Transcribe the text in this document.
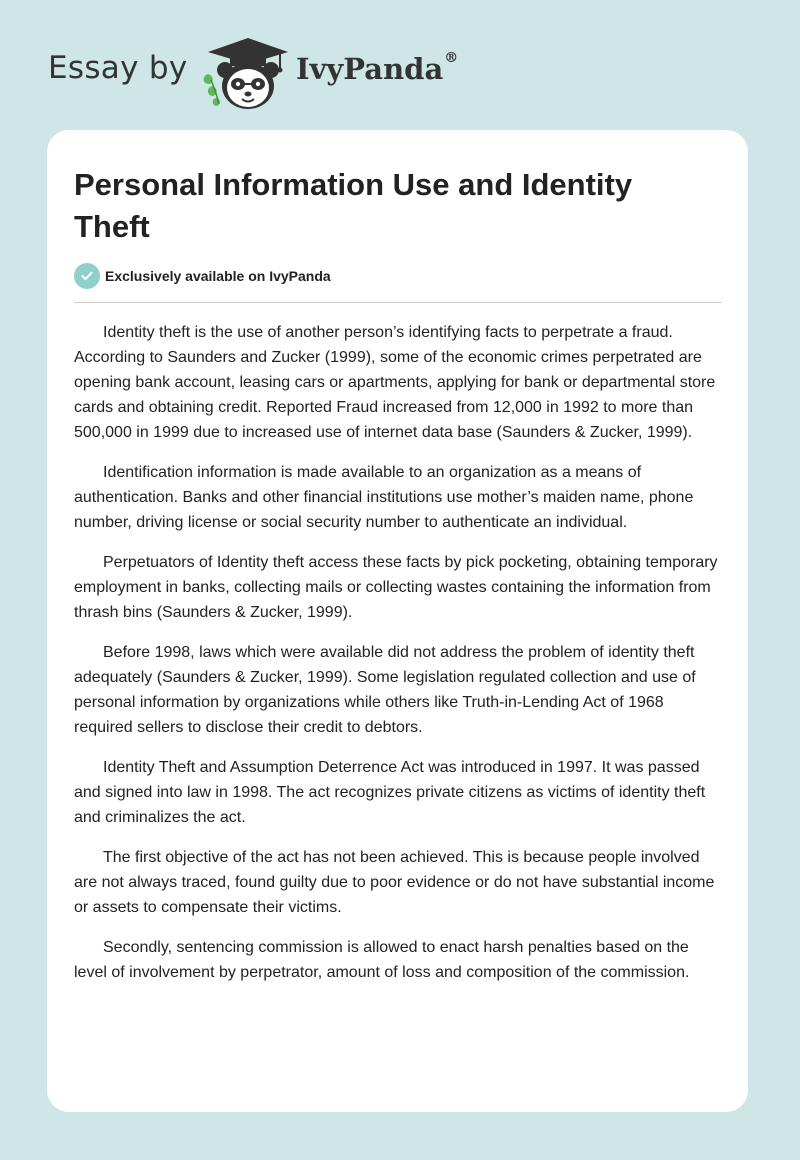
Essay by	IvyPanda®
Personal Information Use and Identity Theft
Exclusively available on IvyPanda

Identity theft is the use of another person’s identifying facts to perpetrate a fraud. According to Saunders and Zucker (1999), some of the economic crimes perpetrated are opening bank account, leasing cars or apartments, applying for bank or departmental store cards and obtaining credit. Reported Fraud increased from 12,000 in 1992 to more than 500,000 in 1999 due to increased use of internet data base (Saunders & Zucker, 1999).

Identification information is made available to an organization as a means of authentication. Banks and other financial institutions use mother’s maiden name, phone number, driving license or social security number to authenticate an individual.

Perpetuators of Identity theft access these facts by pick pocketing, obtaining temporary employment in banks, collecting mails or collecting wastes containing the information from thrash bins (Saunders & Zucker, 1999).

Before 1998, laws which were available did not address the problem of identity theft adequately (Saunders & Zucker, 1999). Some legislation regulated collection and use of personal information by organizations while others like Truth-in-Lending Act of 1968 required sellers to disclose their credit to debtors.

Identity Theft and Assumption Deterrence Act was introduced in 1997. It was passed and signed into law in 1998. The act recognizes private citizens as victims of identity theft and criminalizes the act.

The first objective of the act has not been achieved. This is because people involved are not always traced, found guilty due to poor evidence or do not have substantial income or assets to compensate their victims.

Secondly, sentencing commission is allowed to enact harsh penalties based on the level of involvement by perpetrator, amount of loss and composition of the commission.
